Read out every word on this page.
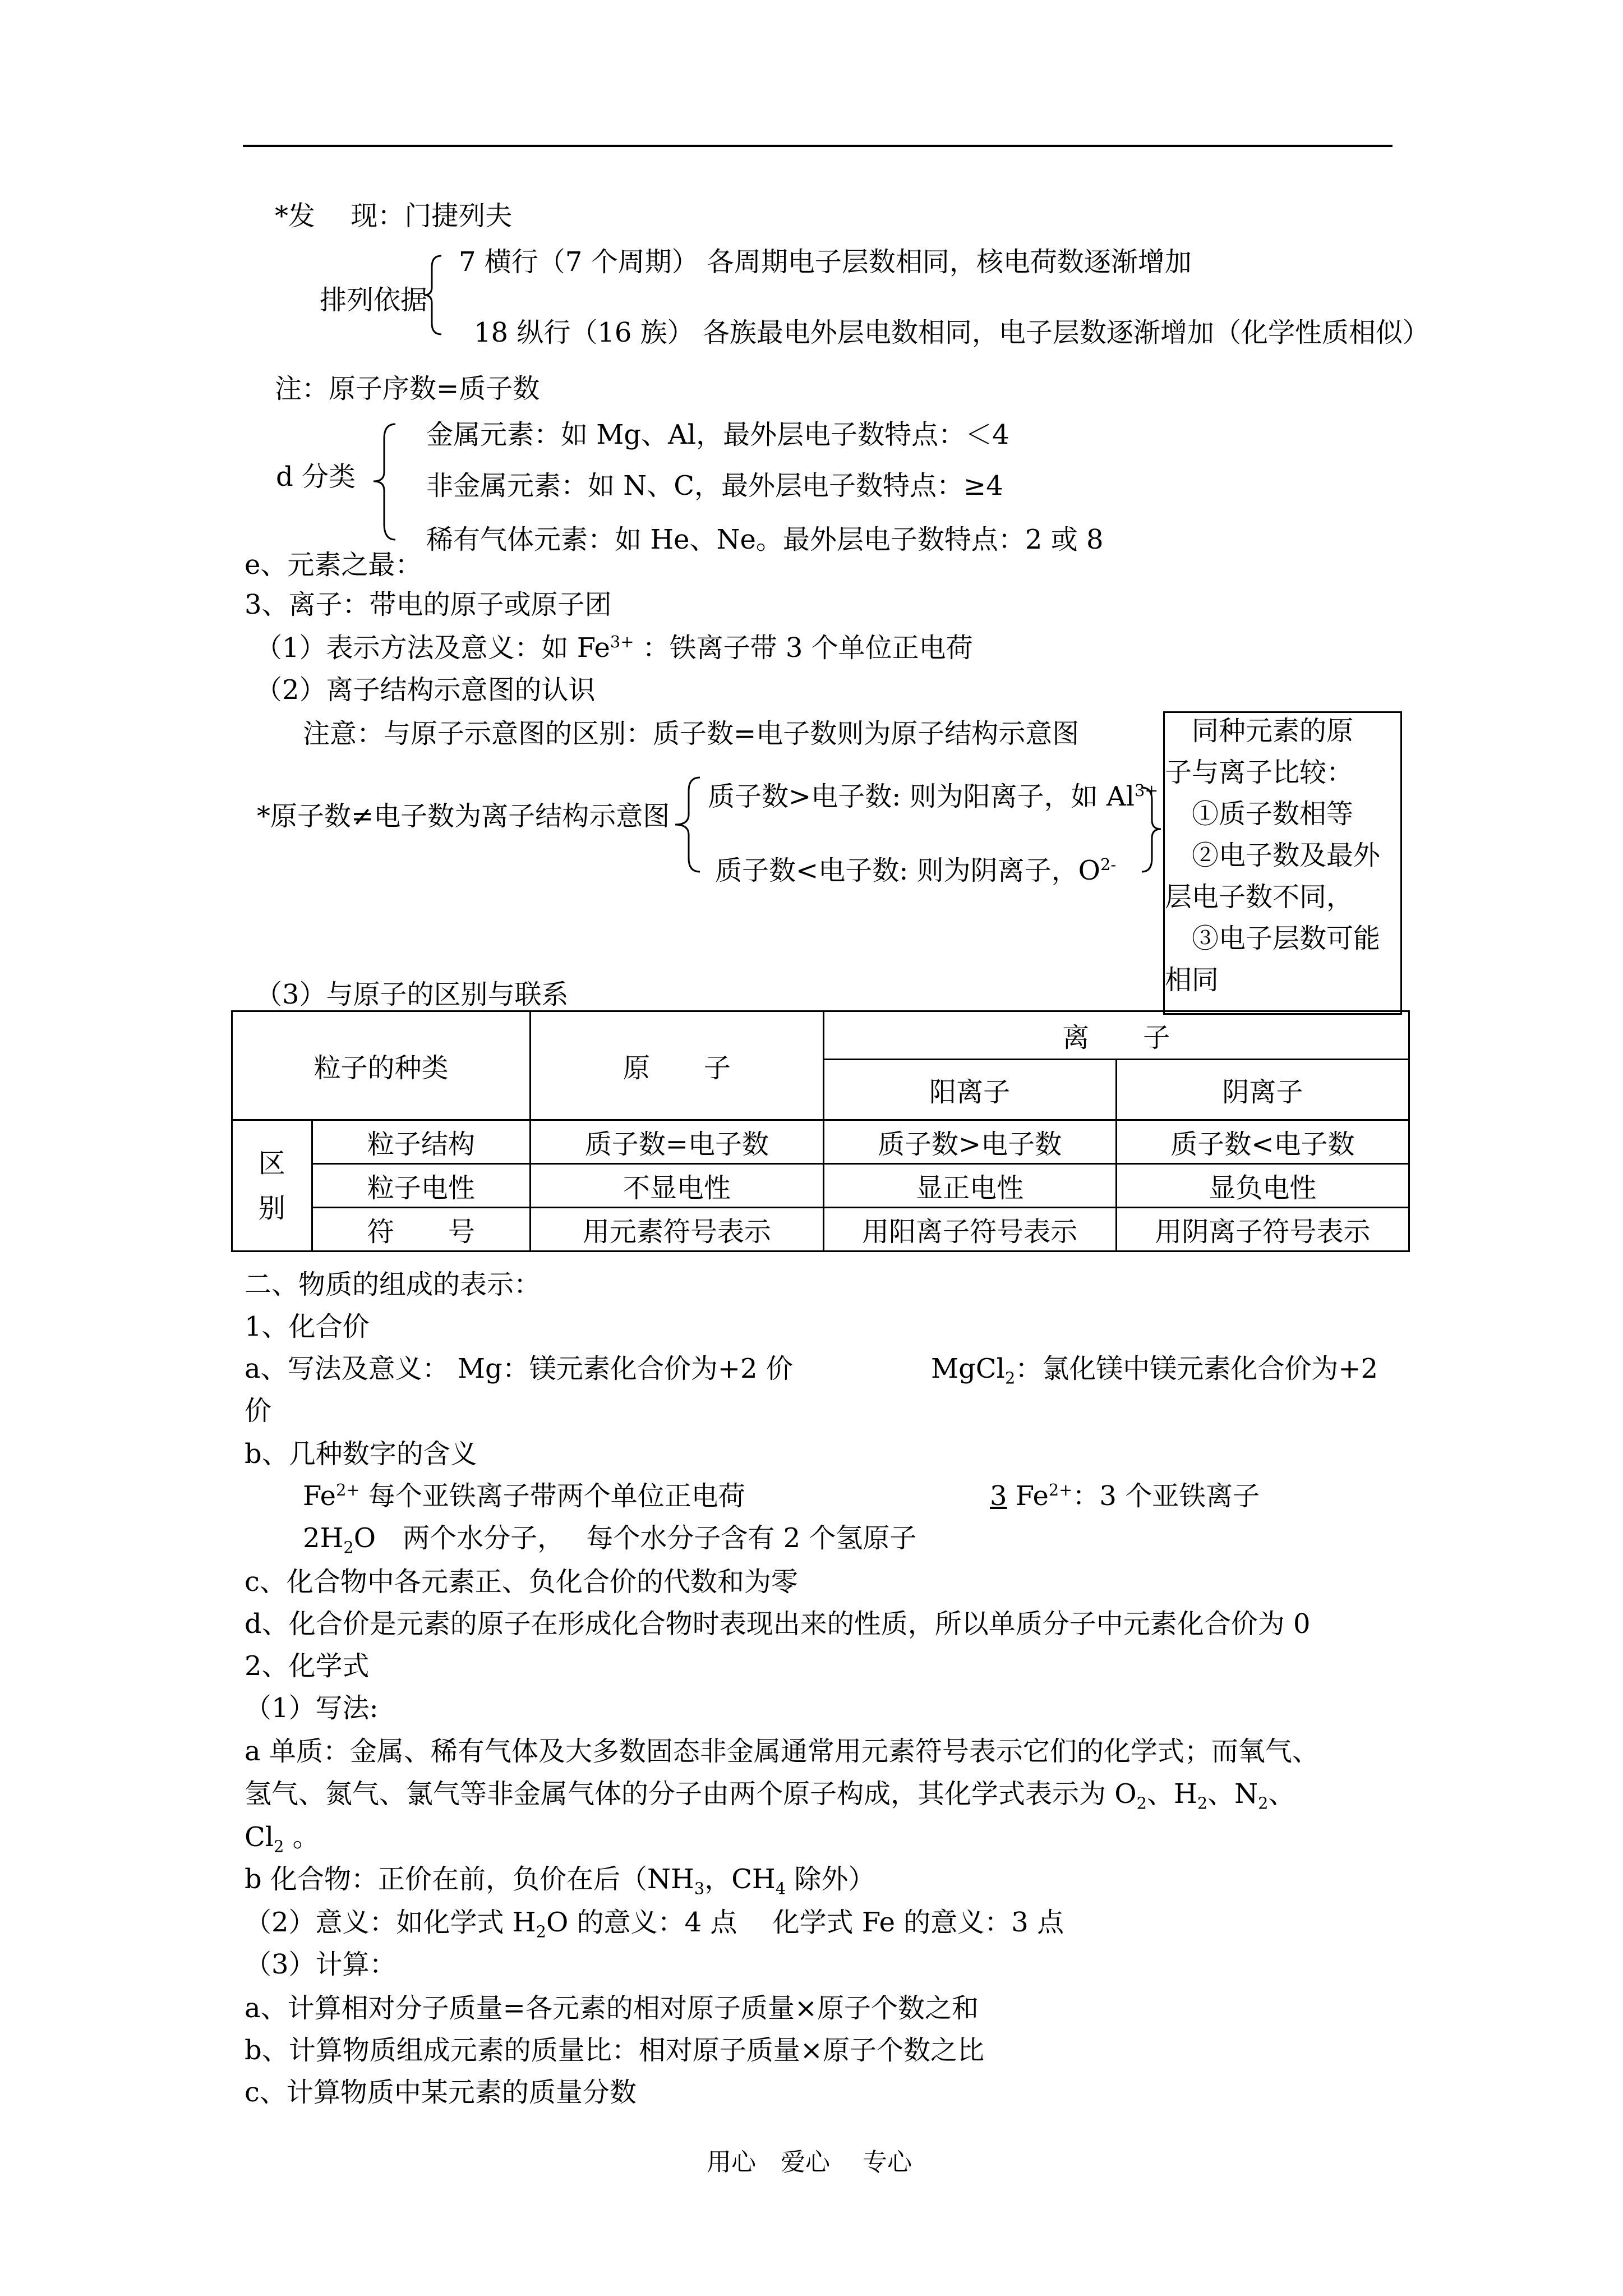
*发　 现：门捷列夫
7 横行（7 个周期） 各周期电子层数相同，核电荷数逐渐增加
排列依据
18 纵行（16 族） 各族最电外层电数相同，电子层数逐渐增加（化学性质相似）
注：原子序数=质子数
d 分类
金属元素：如 Mg、Al，最外层电子数特点：＜4
非金属元素：如 N、C，最外层电子数特点：≥4
稀有气体元素：如 He、Ne。最外层电子数特点：2 或 8
e、元素之最：
3、离子：带电的原子或原子团
（1）表示方法及意义：如 $Fe^{3+}$ ：铁离子带 3 个单位正电荷
（2）离子结构示意图的认识
注意：与原子示意图的区别：质子数=电子数则为原子结构示意图
质子数>电子数: 则为阳离子，如 $Al^{3+}$
*原子数≠电子数为离子结构示意图
质子数<电子数: 则为阴离子，$O^{2-}$
　同种元素的原
子与离子比较：
　①质子数相等
　②电子数及最外
层电子数不同，
　③电子层数可能
相同
（3）与原子的区别与联系
粒子的种类		原　　子	离　　子	
			阳离子	阴离子
区
别	粒子结构	质子数=电子数	质子数>电子数	质子数<电子数
	粒子电性	不显电性	显正电性	显负电性
	符　　号	用元素符号表示	用阳离子符号表示	用阴离子符号表示
二、物质的组成的表示：
1、化合价
a、写法及意义： Mg：镁元素化合价为+2 价	MgCl$_2$：氯化镁中镁元素化合价为+2
价
b、几种数字的含义
$Fe^{2+}$ 每个亚铁离子带两个单位正电荷	3 $Fe^{2+}$：3 个亚铁离子
$2H_2O$　两个水分子，　 每个水分子含有 2 个氢原子
c、化合物中各元素正、负化合价的代数和为零
d、化合价是元素的原子在形成化合物时表现出来的性质，所以单质分子中元素化合价为 0
2、化学式
（1）写法:
a 单质：金属、稀有气体及大多数固态非金属通常用元素符号表示它们的化学式；而氧气、
氢气、氮气、氯气等非金属气体的分子由两个原子构成，其化学式表示为 $O_2$、$H_2$、$N_2$、
$Cl_2$ 。
b 化合物：正价在前，负价在后（$NH_3$，$CH_4$ 除外）
（2）意义：如化学式 $H_2O$ 的意义：4 点　 化学式 Fe 的意义：3 点
（3）计算：
a、计算相对分子质量=各元素的相对原子质量×原子个数之和
b、计算物质组成元素的质量比：相对原子质量×原子个数之比
c、计算物质中某元素的质量分数
用心　爱心　 专心
